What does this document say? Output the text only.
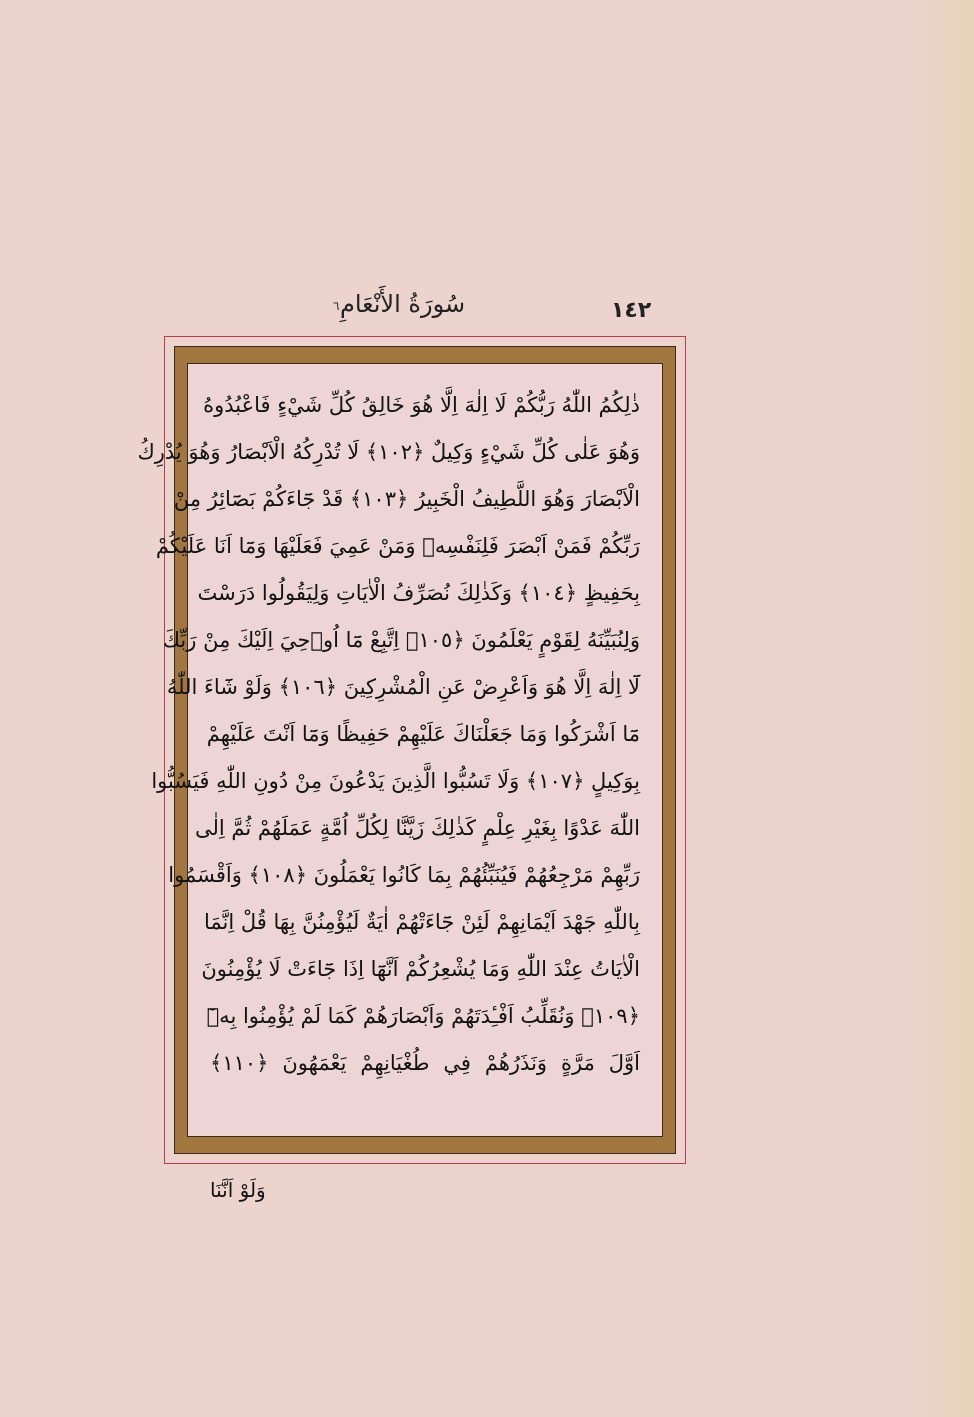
١٤٢
سُورَةُ الأَنْعَامِ
٦
ذٰلِكُمُ اللّٰهُ رَبُّكُمْ لَا اِلٰهَ اِلَّا هُوَ خَالِقُ كُلِّ شَيْءٍ فَاعْبُدُوهُ
وَهُوَ عَلٰى كُلِّ شَيْءٍ وَكِيلٌ ﴿١٠٢﴾ لَا تُدْرِكُهُ الْاَبْصَارُ وَهُوَ يُدْرِكُ
الْاَبْصَارَ وَهُوَ اللَّطِيفُ الْخَبِيرُ ﴿١٠٣﴾ قَدْ جَٓاءَكُمْ بَصَٓائِرُ مِنْ
رَبِّكُمْ فَمَنْ اَبْصَرَ فَلِنَفْسِهٖ وَمَنْ عَمِيَ فَعَلَيْهَا وَمَٓا اَنَا عَلَيْكُمْ
بِحَفِيظٍ ﴿١٠٤﴾ وَكَذٰلِكَ نُصَرِّفُ الْاٰيَاتِ وَلِيَقُولُوا دَرَسْتَ
وَلِنُبَيِّنَهُ لِقَوْمٍ يَعْلَمُونَ ﴿١٠٥﴾ اِتَّبِعْ مَٓا اُو۫حِيَ اِلَيْكَ مِنْ رَبِّكَ
لَٓا اِلٰهَ اِلَّا هُوَ وَاَعْرِضْ عَنِ الْمُشْرِكِينَ ﴿١٠٦﴾ وَلَوْ شَٓاءَ اللّٰهُ
مَٓا اَشْرَكُوا وَمَا جَعَلْنَاكَ عَلَيْهِمْ حَفِيظًا وَمَٓا اَنْتَ عَلَيْهِمْ
بِوَكِيلٍ ﴿١٠٧﴾ وَلَا تَسُبُّوا الَّذِينَ يَدْعُونَ مِنْ دُونِ اللّٰهِ فَيَسُبُّوا
اللّٰهَ عَدْوًا بِغَيْرِ عِلْمٍ كَذٰلِكَ زَيَّنَّا لِكُلِّ اُمَّةٍ عَمَلَهُمْ ثُمَّ اِلٰى
رَبِّهِمْ مَرْجِعُهُمْ فَيُنَبِّئُهُمْ بِمَا كَانُوا يَعْمَلُونَ ﴿١٠٨﴾ وَاَقْسَمُوا
بِاللّٰهِ جَهْدَ اَيْمَانِهِمْ لَئِنْ جَٓاءَتْهُمْ اٰيَةٌ لَيُؤْمِنُنَّ بِهَا قُلْ اِنَّمَا
الْاٰيَاتُ عِنْدَ اللّٰهِ وَمَا يُشْعِرُكُمْ اَنَّهَٓا اِذَا جَٓاءَتْ لَا يُؤْمِنُونَ
﴿١٠٩﴾ وَنُقَلِّبُ اَفْـِٔدَتَهُمْ وَاَبْصَارَهُمْ كَمَا لَمْ يُؤْمِنُوا بِهٖٓ
اَوَّلَ مَرَّةٍ وَنَذَرُهُمْ فِي طُغْيَانِهِمْ يَعْمَهُونَ ﴿١١٠﴾
وَلَوْ اَنَّنَا
